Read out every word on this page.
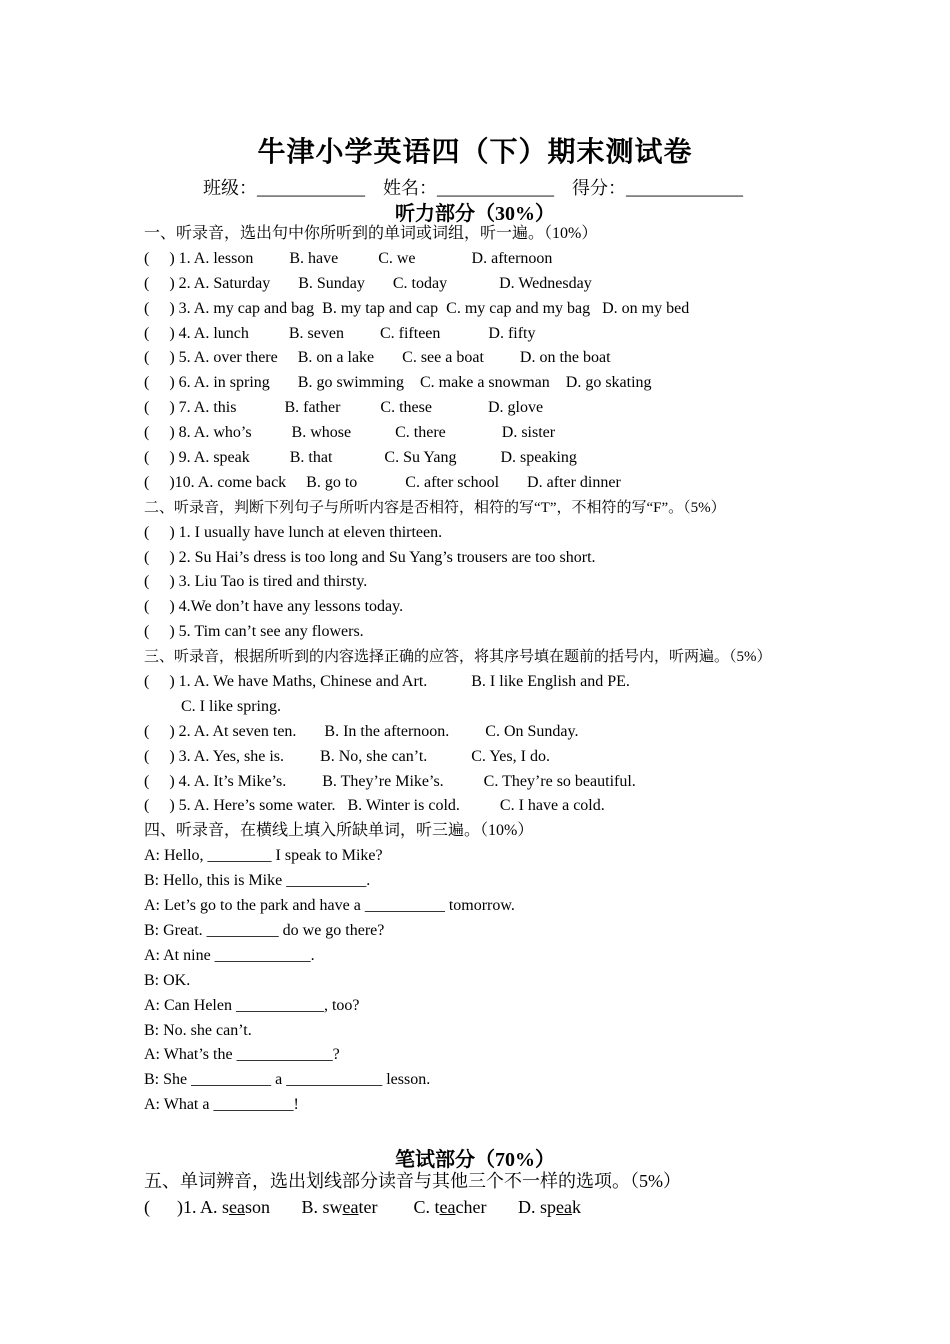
牛津小学英语四（下）期末测试卷
班级：____________ 姓名：_____________ 得分：_____________
听力部分（30%）
一、听录音，选出句中你所听到的单词或词组，听一遍。（10%）
(     ) 1. A. lesson         B. have          C. we              D. afternoon
(     ) 2. A. Saturday       B. Sunday       C. today             D. Wednesday
(     ) 3. A. my cap and bag  B. my tap and cap  C. my cap and my bag   D. on my bed
(     ) 4. A. lunch          B. seven         C. fifteen            D. fifty
(     ) 5. A. over there     B. on a lake       C. see a boat         D. on the boat
(     ) 6. A. in spring       B. go swimming    C. make a snowman    D. go skating
(     ) 7. A. this            B. father          C. these              D. glove
(     ) 8. A. who’s          B. whose           C. there              D. sister
(     ) 9. A. speak          B. that             C. Su Yang           D. speaking
(     )10. A. come back     B. go to            C. after school       D. after dinner
二、听录音，判断下列句子与所听内容是否相符，相符的写“T”，不相符的写“F”。（5%）
(     ) 1. I usually have lunch at eleven thirteen.
(     ) 2. Su Hai’s dress is too long and Su Yang’s trousers are too short.
(     ) 3. Liu Tao is tired and thirsty.
(     ) 4.We don’t have any lessons today.
(     ) 5. Tim can’t see any flowers.
三、听录音，根据所听到的内容选择正确的应答，将其序号填在题前的括号内，听两遍。（5%）
(     ) 1. A. We have Maths, Chinese and Art.           B. I like English and PE.
C. I like spring.
(     ) 2. A. At seven ten.       B. In the afternoon.         C. On Sunday.
(     ) 3. A. Yes, she is.         B. No, she can’t.           C. Yes, I do.
(     ) 4. A. It’s Mike’s.         B. They’re Mike’s.          C. They’re so beautiful.
(     ) 5. A. Here’s some water.   B. Winter is cold.          C. I have a cold.
四、听录音，在横线上填入所缺单词，听三遍。（10%）
A: Hello, ________ I speak to Mike?
B: Hello, this is Mike __________.
A: Let’s go to the park and have a __________ tomorrow.
B: Great. _________ do we go there?
A: At nine ____________.
B: OK.
A: Can Helen ___________, too?
B: No. she can’t.
A: What’s the ____________?
B: She __________ a ____________ lesson.
A: What a __________!
笔试部分（70%）
五、单词辨音，选出划线部分读音与其他三个不一样的选项。（5%）
(      )1. A. season       B. sweater        C. teacher       D. speak
